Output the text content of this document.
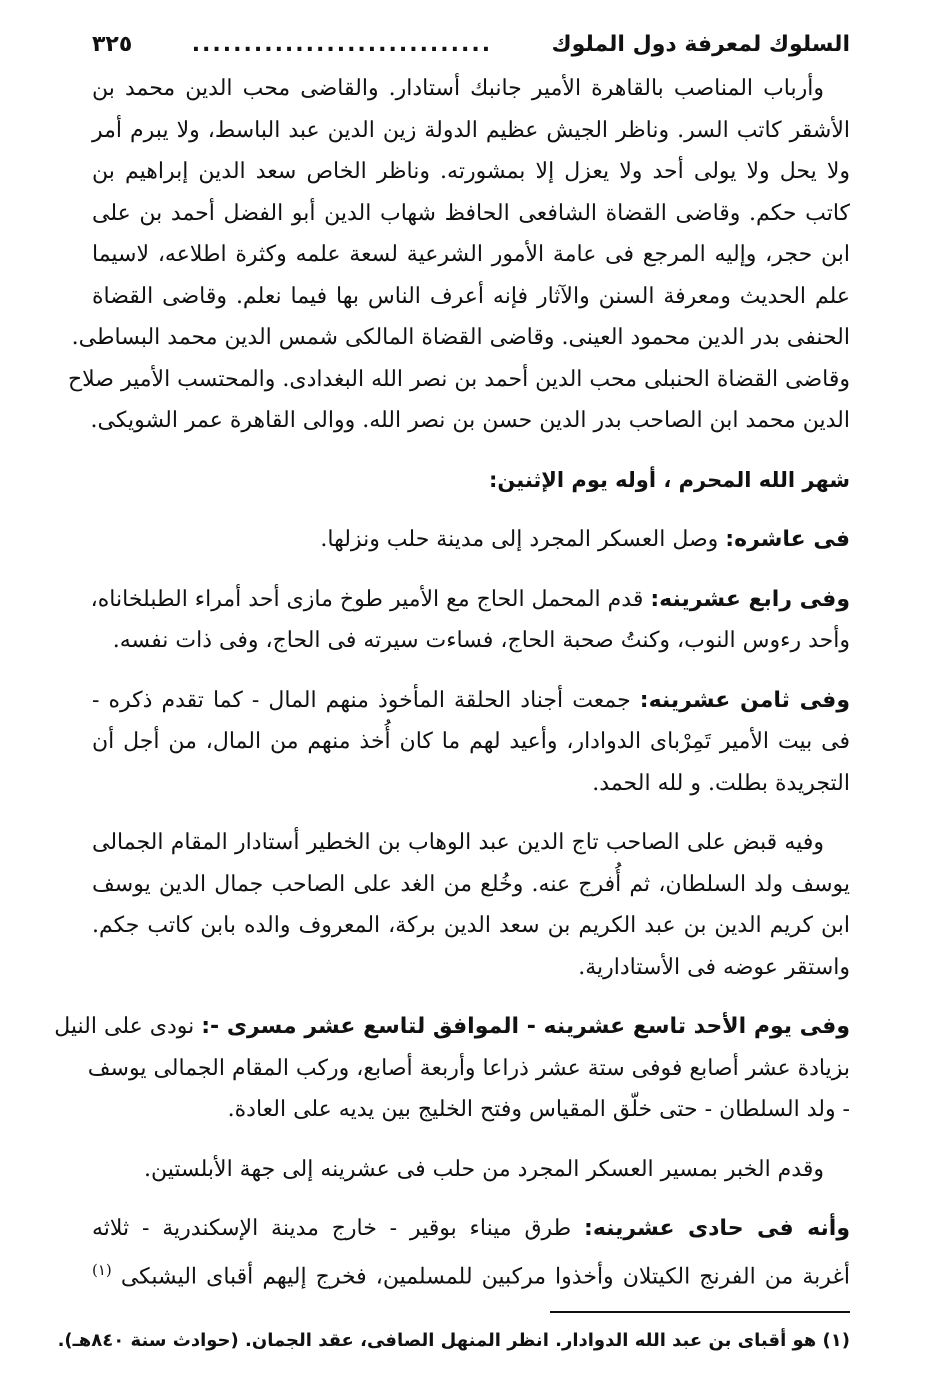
السلوك لمعرفة دول الملوك
.............................
٣٢٥
وأرباب المناصب بالقاهرة الأمير جانبك أستادار. والقاضى محب الدين محمد بن
الأشقر كاتب السر. وناظر الجيش عظيم الدولة زين الدين عبد الباسط، ولا يبرم أمر
ولا يحل ولا يولى أحد ولا يعزل إلا بمشورته. وناظر الخاص سعد الدين إبراهيم بن
كاتب حكم. وقاضى القضاة الشافعى الحافظ شهاب الدين أبو الفضل أحمد بن على
ابن حجر، وإليه المرجع فى عامة الأمور الشرعية لسعة علمه وكثرة اطلاعه، لاسيما
علم الحديث ومعرفة السنن والآثار فإنه أعرف الناس بها فيما نعلم. وقاضى القضاة
الحنفى بدر الدين محمود العينى. وقاضى القضاة المالكى شمس الدين محمد البساطى.
وقاضى القضاة الحنبلى محب الدين أحمد بن نصر الله البغدادى. والمحتسب الأمير صلاح
الدين محمد ابن الصاحب بدر الدين حسن بن نصر الله. ووالى القاهرة عمر الشويكى.
شهر الله المحرم ، أوله يوم الإثنين:
فى عاشره: وصل العسكر المجرد إلى مدينة حلب ونزلها.
وفى رابع عشرينه: قدم المحمل الحاج مع الأمير طوخ مازى أحد أمراء الطبلخاناه،
وأحد رءوس النوب، وكنتُ صحبة الحاج، فساءت سيرته فى الحاج، وفى ذات نفسه.
وفى ثامن عشرينه: جمعت أجناد الحلقة المأخوذ منهم المال - كما تقدم ذكره -
فى بيت الأمير تَمِرْباى الدوادار، وأعيد لهم ما كان أُخذ منهم من المال، من أجل أن
التجريدة بطلت. و لله الحمد.
وفيه قبض على الصاحب تاج الدين عبد الوهاب بن الخطير أستادار المقام الجمالى
يوسف ولد السلطان، ثم أُفرج عنه. وخُلع من الغد على الصاحب جمال الدين يوسف
ابن كريم الدين بن عبد الكريم بن سعد الدين بركة، المعروف والده بابن كاتب جكم.
واستقر عوضه فى الأستادارية.
وفى يوم الأحد تاسع عشرينه - الموافق لتاسع عشر مسرى -: نودى على النيل
بزيادة عشر أصابع فوفى ستة عشر ذراعا وأربعة أصابع، وركب المقام الجمالى يوسف
- ولد السلطان - حتى خلّق المقياس وفتح الخليج بين يديه على العادة.
وقدم الخبر بمسير العسكر المجرد من حلب فى عشرينه إلى جهة الأبلستين.
وأنه فى حادى عشرينه: طرق ميناء بوقير - خارج مدينة الإسكندرية - ثلاثه
أغربة من الفرنج الكيتلان وأخذوا مركبين للمسلمين، فخرج إليهم أقباى اليشبكى $^{(١)}$
(١) هو أقباى بن عبد الله الدوادار. انظر المنهل الصافى، عقد الجمان. (حوادث سنة ٨٤٠هـ).
